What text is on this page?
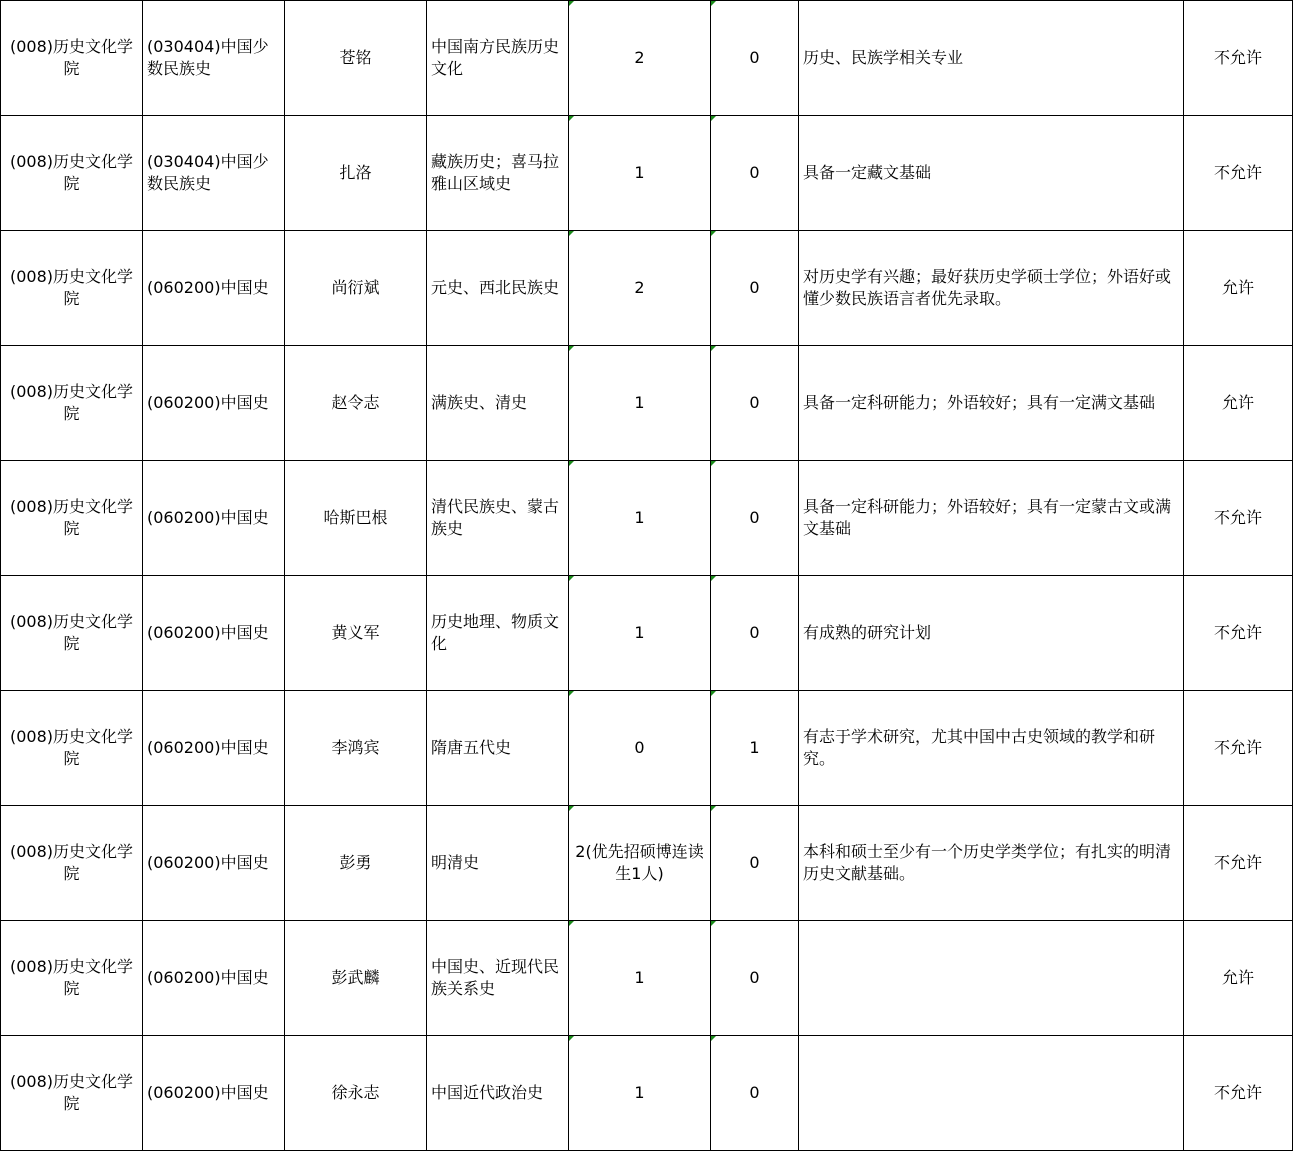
(008)历史文化学院	(030404)中国少数民族史	苍铭	中国南方民族历史文化	2	0	历史、民族学相关专业	不允许
(008)历史文化学院	(030404)中国少数民族史	扎洛	藏族历史；喜马拉雅山区域史	1	0	具备一定藏文基础	不允许
(008)历史文化学院	(060200)中国史	尚衍斌	元史、西北民族史	2	0	对历史学有兴趣；最好获历史学硕士学位；外语好或懂少数民族语言者优先录取。	允许
(008)历史文化学院	(060200)中国史	赵令志	满族史、清史	1	0	具备一定科研能力；外语较好；具有一定满文基础	允许
(008)历史文化学院	(060200)中国史	哈斯巴根	清代民族史、蒙古族史	1	0	具备一定科研能力；外语较好；具有一定蒙古文或满文基础	不允许
(008)历史文化学院	(060200)中国史	黄义军	历史地理、物质文化	1	0	有成熟的研究计划	不允许
(008)历史文化学院	(060200)中国史	李鸿宾	隋唐五代史	0	1	有志于学术研究，尤其中国中古史领域的教学和研究。	不允许
(008)历史文化学院	(060200)中国史	彭勇	明清史	2(优先招硕博连读生1人)	0	本科和硕士至少有一个历史学类学位；有扎实的明清历史文献基础。	不允许
(008)历史文化学院	(060200)中国史	彭武麟	中国史、近现代民族关系史	1	0		允许
(008)历史文化学院	(060200)中国史	徐永志	中国近代政治史	1	0		不允许
